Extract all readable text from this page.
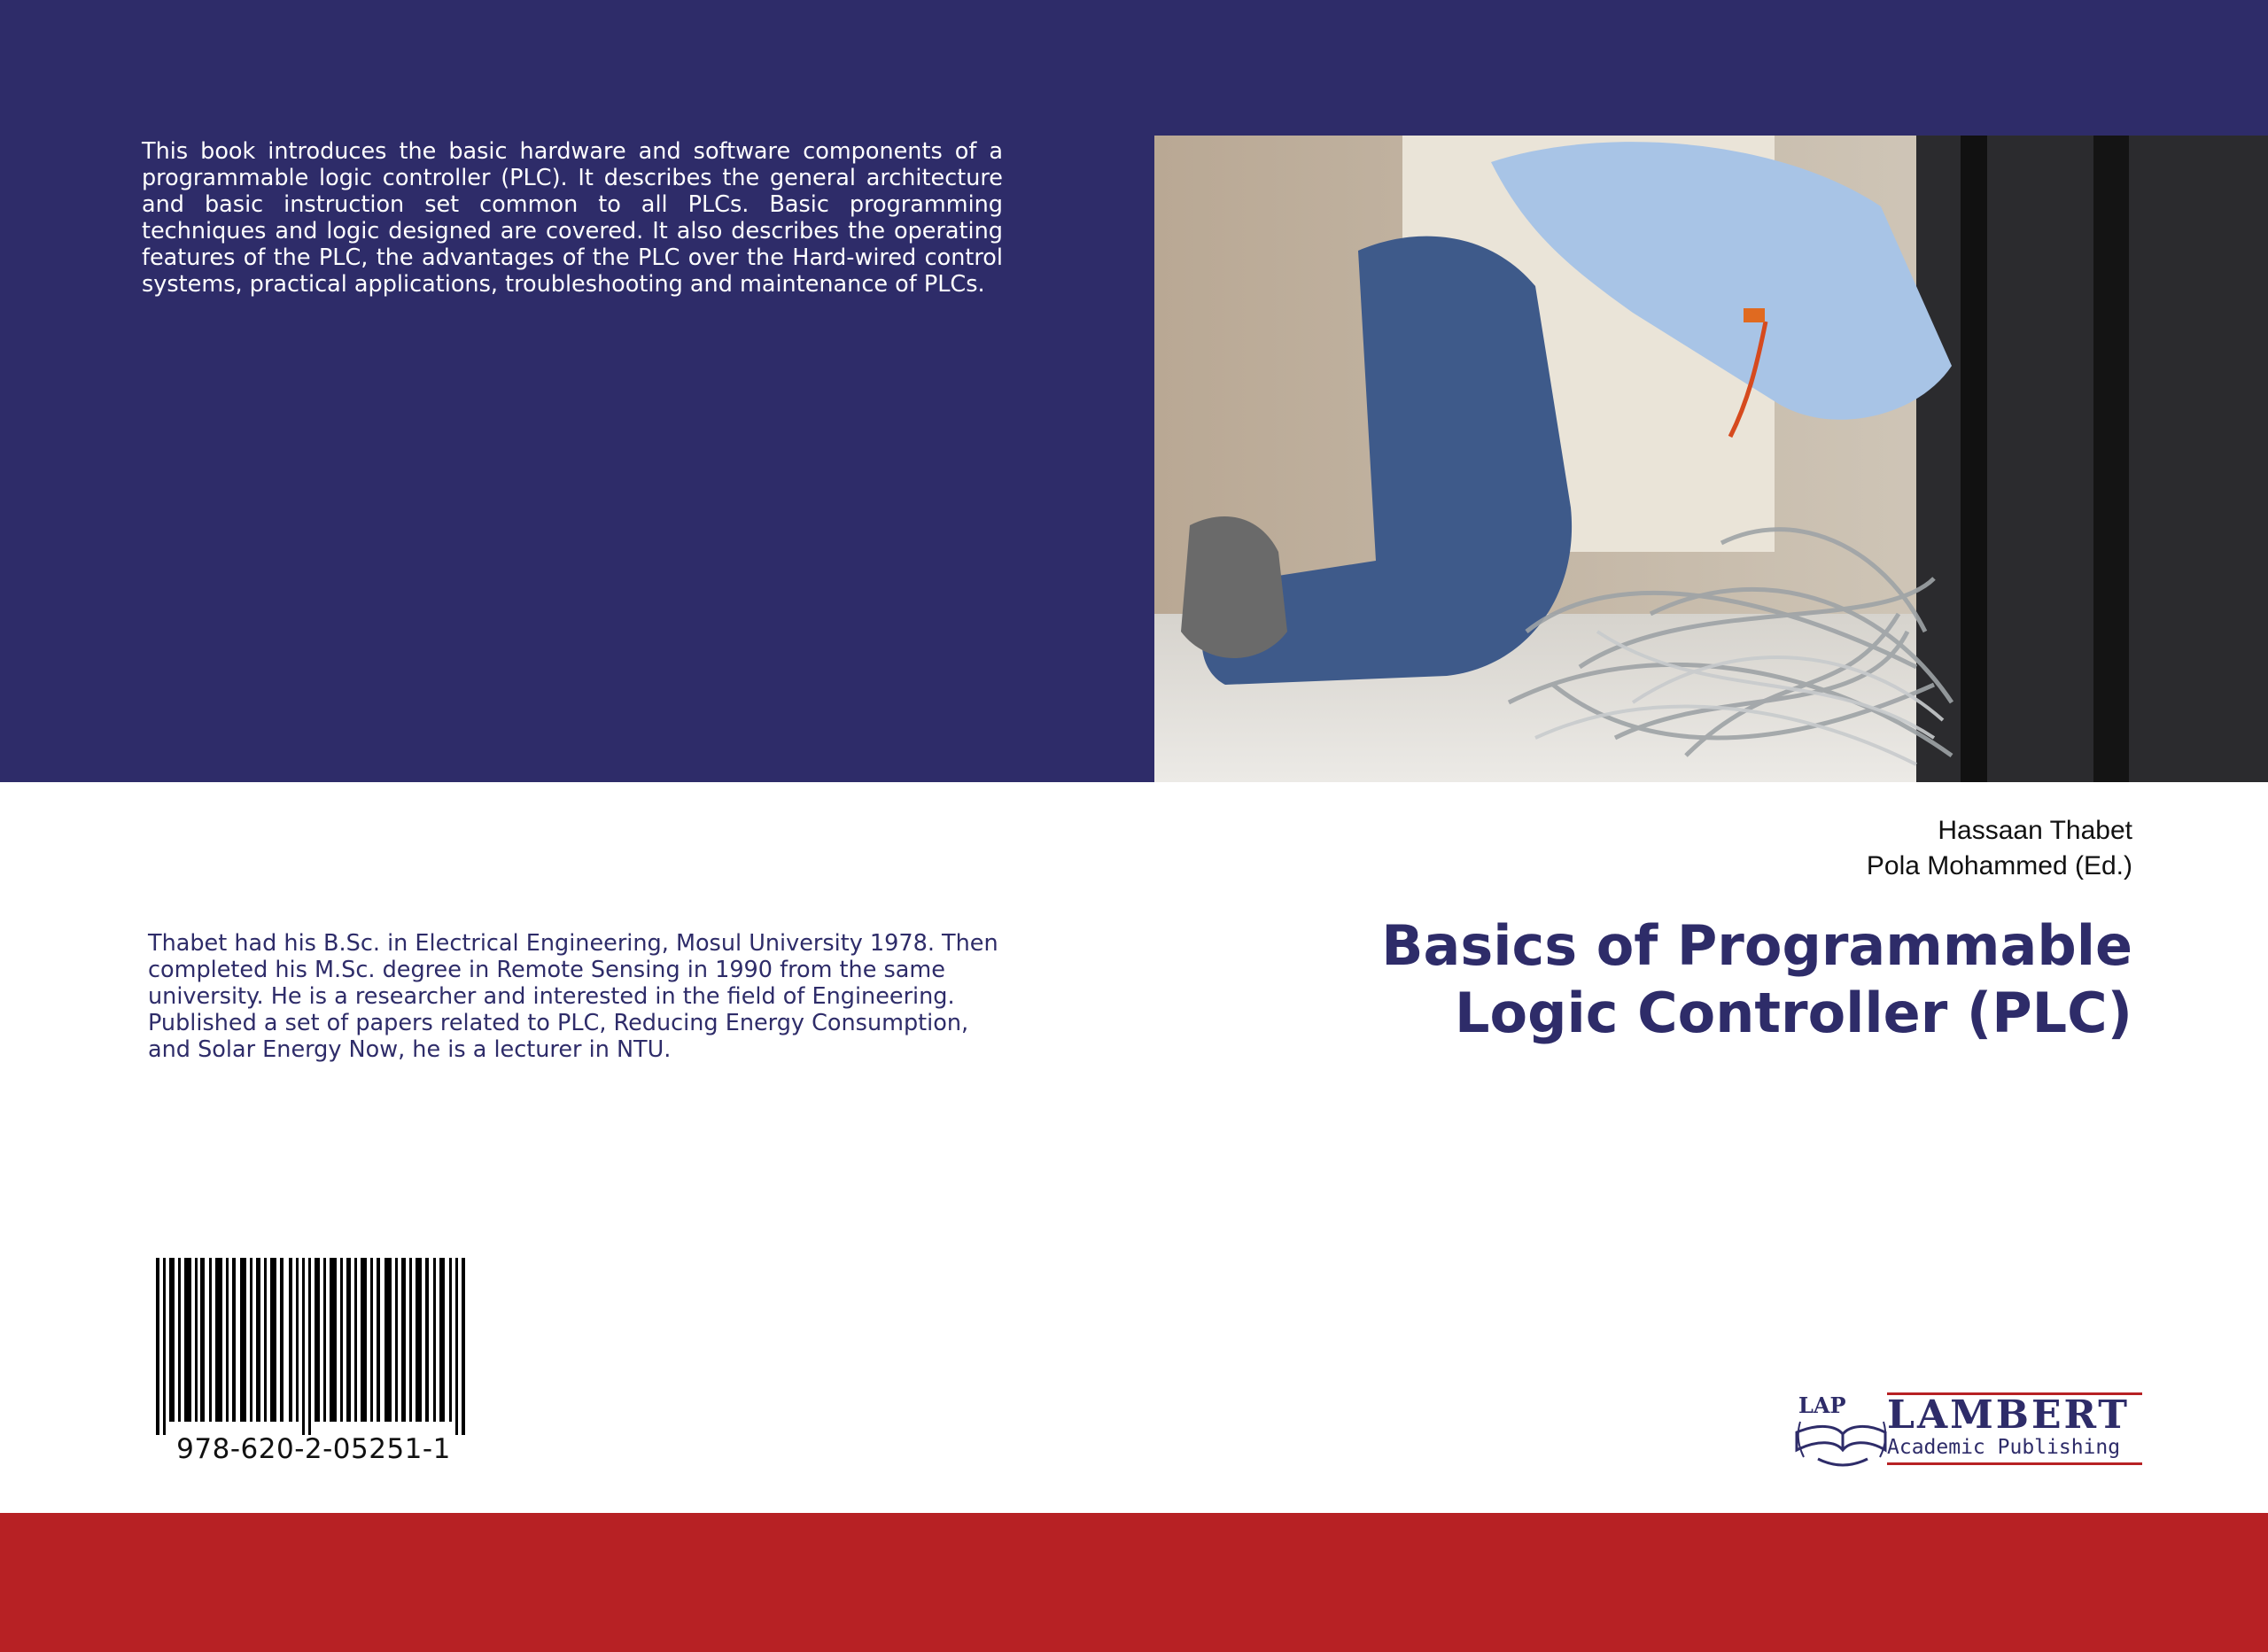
This book introduces the basic hardware and software components of a programmable logic controller (PLC). It describes the general architecture and basic instruction set common to all PLCs. Basic programming techniques and logic designed are covered. It also describes the operating features of the PLC, the advantages of the PLC over the Hard-wired control systems, practical applications, troubleshooting and maintenance of PLCs.

Hassaan Thabet
Pola Mohammed (Ed.)
Basics of Programmable
Logic Controller (PLC)

Thabet had his B.Sc. in Electrical Engineering, Mosul University 1978. Then completed his M.Sc. degree in Remote Sensing in 1990 from the same university. He is a researcher and interested in the field of Engineering. Published a set of papers related to PLC, Reducing Energy Consumption, and Solar Energy Now, he is a lecturer in NTU.

978-620-2-05251-1
LAP LAMBERT
Academic Publishing
